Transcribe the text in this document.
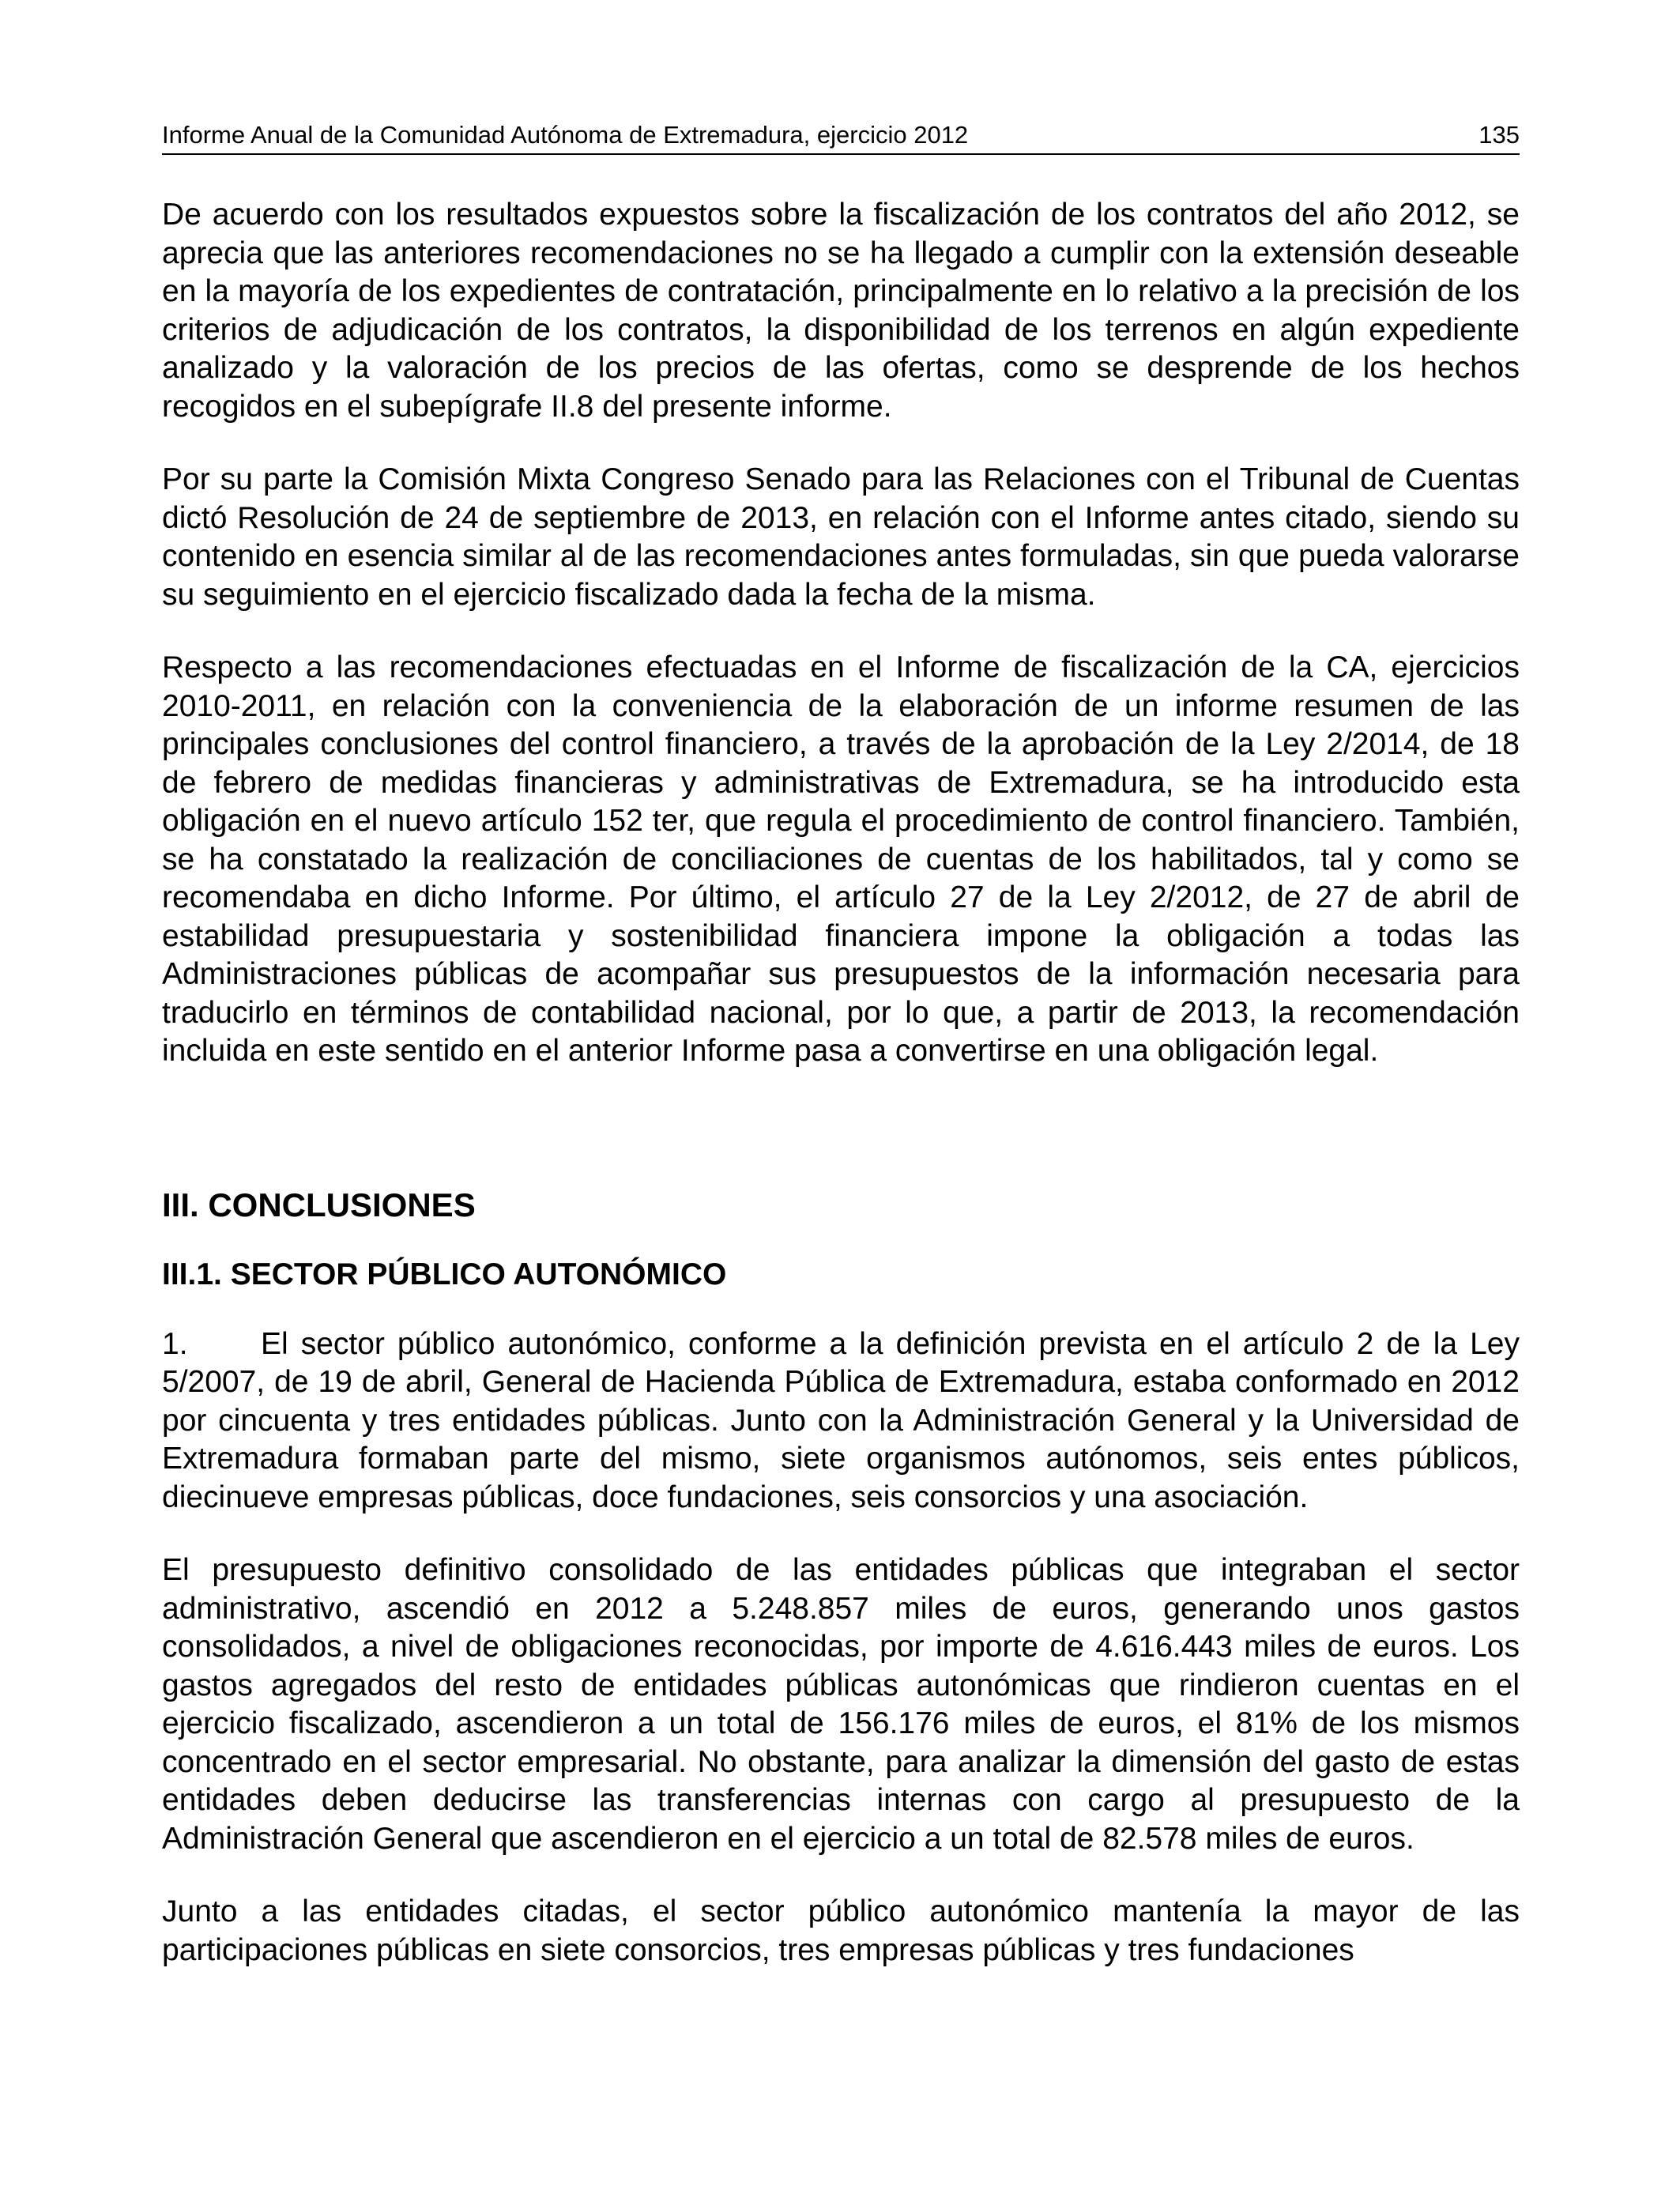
Informe Anual de la Comunidad Autónoma de Extremadura, ejercicio 2012	135

De acuerdo con los resultados expuestos sobre la fiscalización de los contratos del año 2012, se aprecia que las anteriores recomendaciones no se ha llegado a cumplir con la extensión deseable en la mayoría de los expedientes de contratación, principalmente en lo relativo a la precisión de los criterios de adjudicación de los contratos, la disponibilidad de los terrenos en algún expediente analizado y la valoración de los precios de las ofertas, como se desprende de los hechos recogidos en el subepígrafe II.8 del presente informe.

Por su parte la Comisión Mixta Congreso Senado para las Relaciones con el Tribunal de Cuentas dictó Resolución de 24 de septiembre de 2013, en relación con el Informe antes citado, siendo su contenido en esencia similar al de las recomendaciones antes formuladas, sin que pueda valorarse su seguimiento en el ejercicio fiscalizado dada la fecha de la misma.

Respecto a las recomendaciones efectuadas en el Informe de fiscalización de la CA, ejercicios 2010-2011, en relación con la conveniencia de la elaboración de un informe resumen de las principales conclusiones del control financiero, a través de la aprobación de la Ley 2/2014, de 18 de febrero de medidas financieras y administrativas de Extremadura, se ha introducido esta obligación en el nuevo artículo 152 ter, que regula el procedimiento de control financiero. También, se ha constatado la realización de conciliaciones de cuentas de los habilitados, tal y como se recomendaba en dicho Informe. Por último, el artículo 27 de la Ley 2/2012, de 27 de abril de estabilidad presupuestaria y sostenibilidad financiera impone la obligación a todas las Administraciones públicas de acompañar sus presupuestos de la información necesaria para traducirlo en términos de contabilidad nacional, por lo que, a partir de 2013, la recomendación incluida en este sentido en el anterior Informe pasa a convertirse en una obligación legal.

III. CONCLUSIONES
III.1. SECTOR PÚBLICO AUTONÓMICO

1. El sector público autonómico, conforme a la definición prevista en el artículo 2 de la Ley 5/2007, de 19 de abril, General de Hacienda Pública de Extremadura, estaba conformado en 2012 por cincuenta y tres entidades públicas. Junto con la Administración General y la Universidad de Extremadura formaban parte del mismo, siete organismos autónomos, seis entes públicos, diecinueve empresas públicas, doce fundaciones, seis consorcios y una asociación.

El presupuesto definitivo consolidado de las entidades públicas que integraban el sector administrativo, ascendió en 2012 a 5.248.857 miles de euros, generando unos gastos consolidados, a nivel de obligaciones reconocidas, por importe de 4.616.443 miles de euros. Los gastos agregados del resto de entidades públicas autonómicas que rindieron cuentas en el ejercicio fiscalizado, ascendieron a un total de 156.176 miles de euros, el 81% de los mismos concentrado en el sector empresarial. No obstante, para analizar la dimensión del gasto de estas entidades deben deducirse las transferencias internas con cargo al presupuesto de la Administración General que ascendieron en el ejercicio a un total de 82.578 miles de euros.

Junto a las entidades citadas, el sector público autonómico mantenía la mayor de las participaciones públicas en siete consorcios, tres empresas públicas y tres fundaciones
